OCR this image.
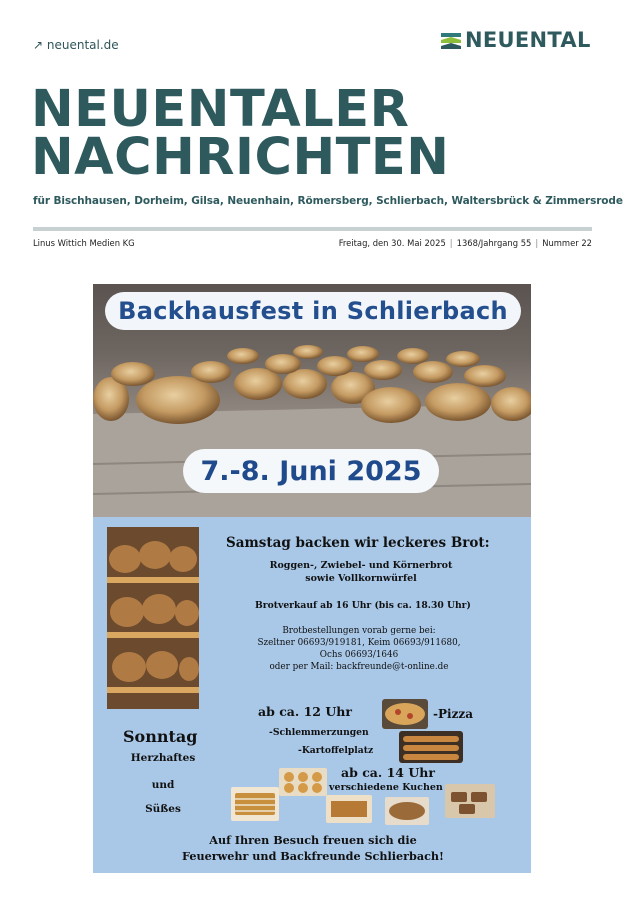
↗ neuental.de	NEUENTAL
NEUENTALER
NACHRICHTEN
für Bischhausen, Dorheim, Gilsa, Neuenhain, Römersberg, Schlierbach, Waltersbrück & Zimmersrode
Linus Wittich Medien KG	Freitag, den 30. Mai 2025 | 1368/Jahrgang 55 | Nummer 22
Backhausfest in Schlierbach
7.-8. Juni 2025
Samstag backen wir leckeres Brot:
Roggen-, Zwiebel- und Körnerbrot
sowie Vollkornwürfel
Brotverkauf ab 16 Uhr (bis ca. 18.30 Uhr)
Brotbestellungen vorab gerne bei:
Szeltner 06693/919181, Keim 06693/911680,
Ochs 06693/1646
oder per Mail: backfreunde@t-online.de
Sonntag
Herzhaftes
und
Süßes
ab ca. 12 Uhr	-Pizza
-Schlemmerzungen
-Kartoffelplatz
ab ca. 14 Uhr
verschiedene Kuchen
Auf Ihren Besuch freuen sich die
Feuerwehr und Backfreunde Schlierbach!
